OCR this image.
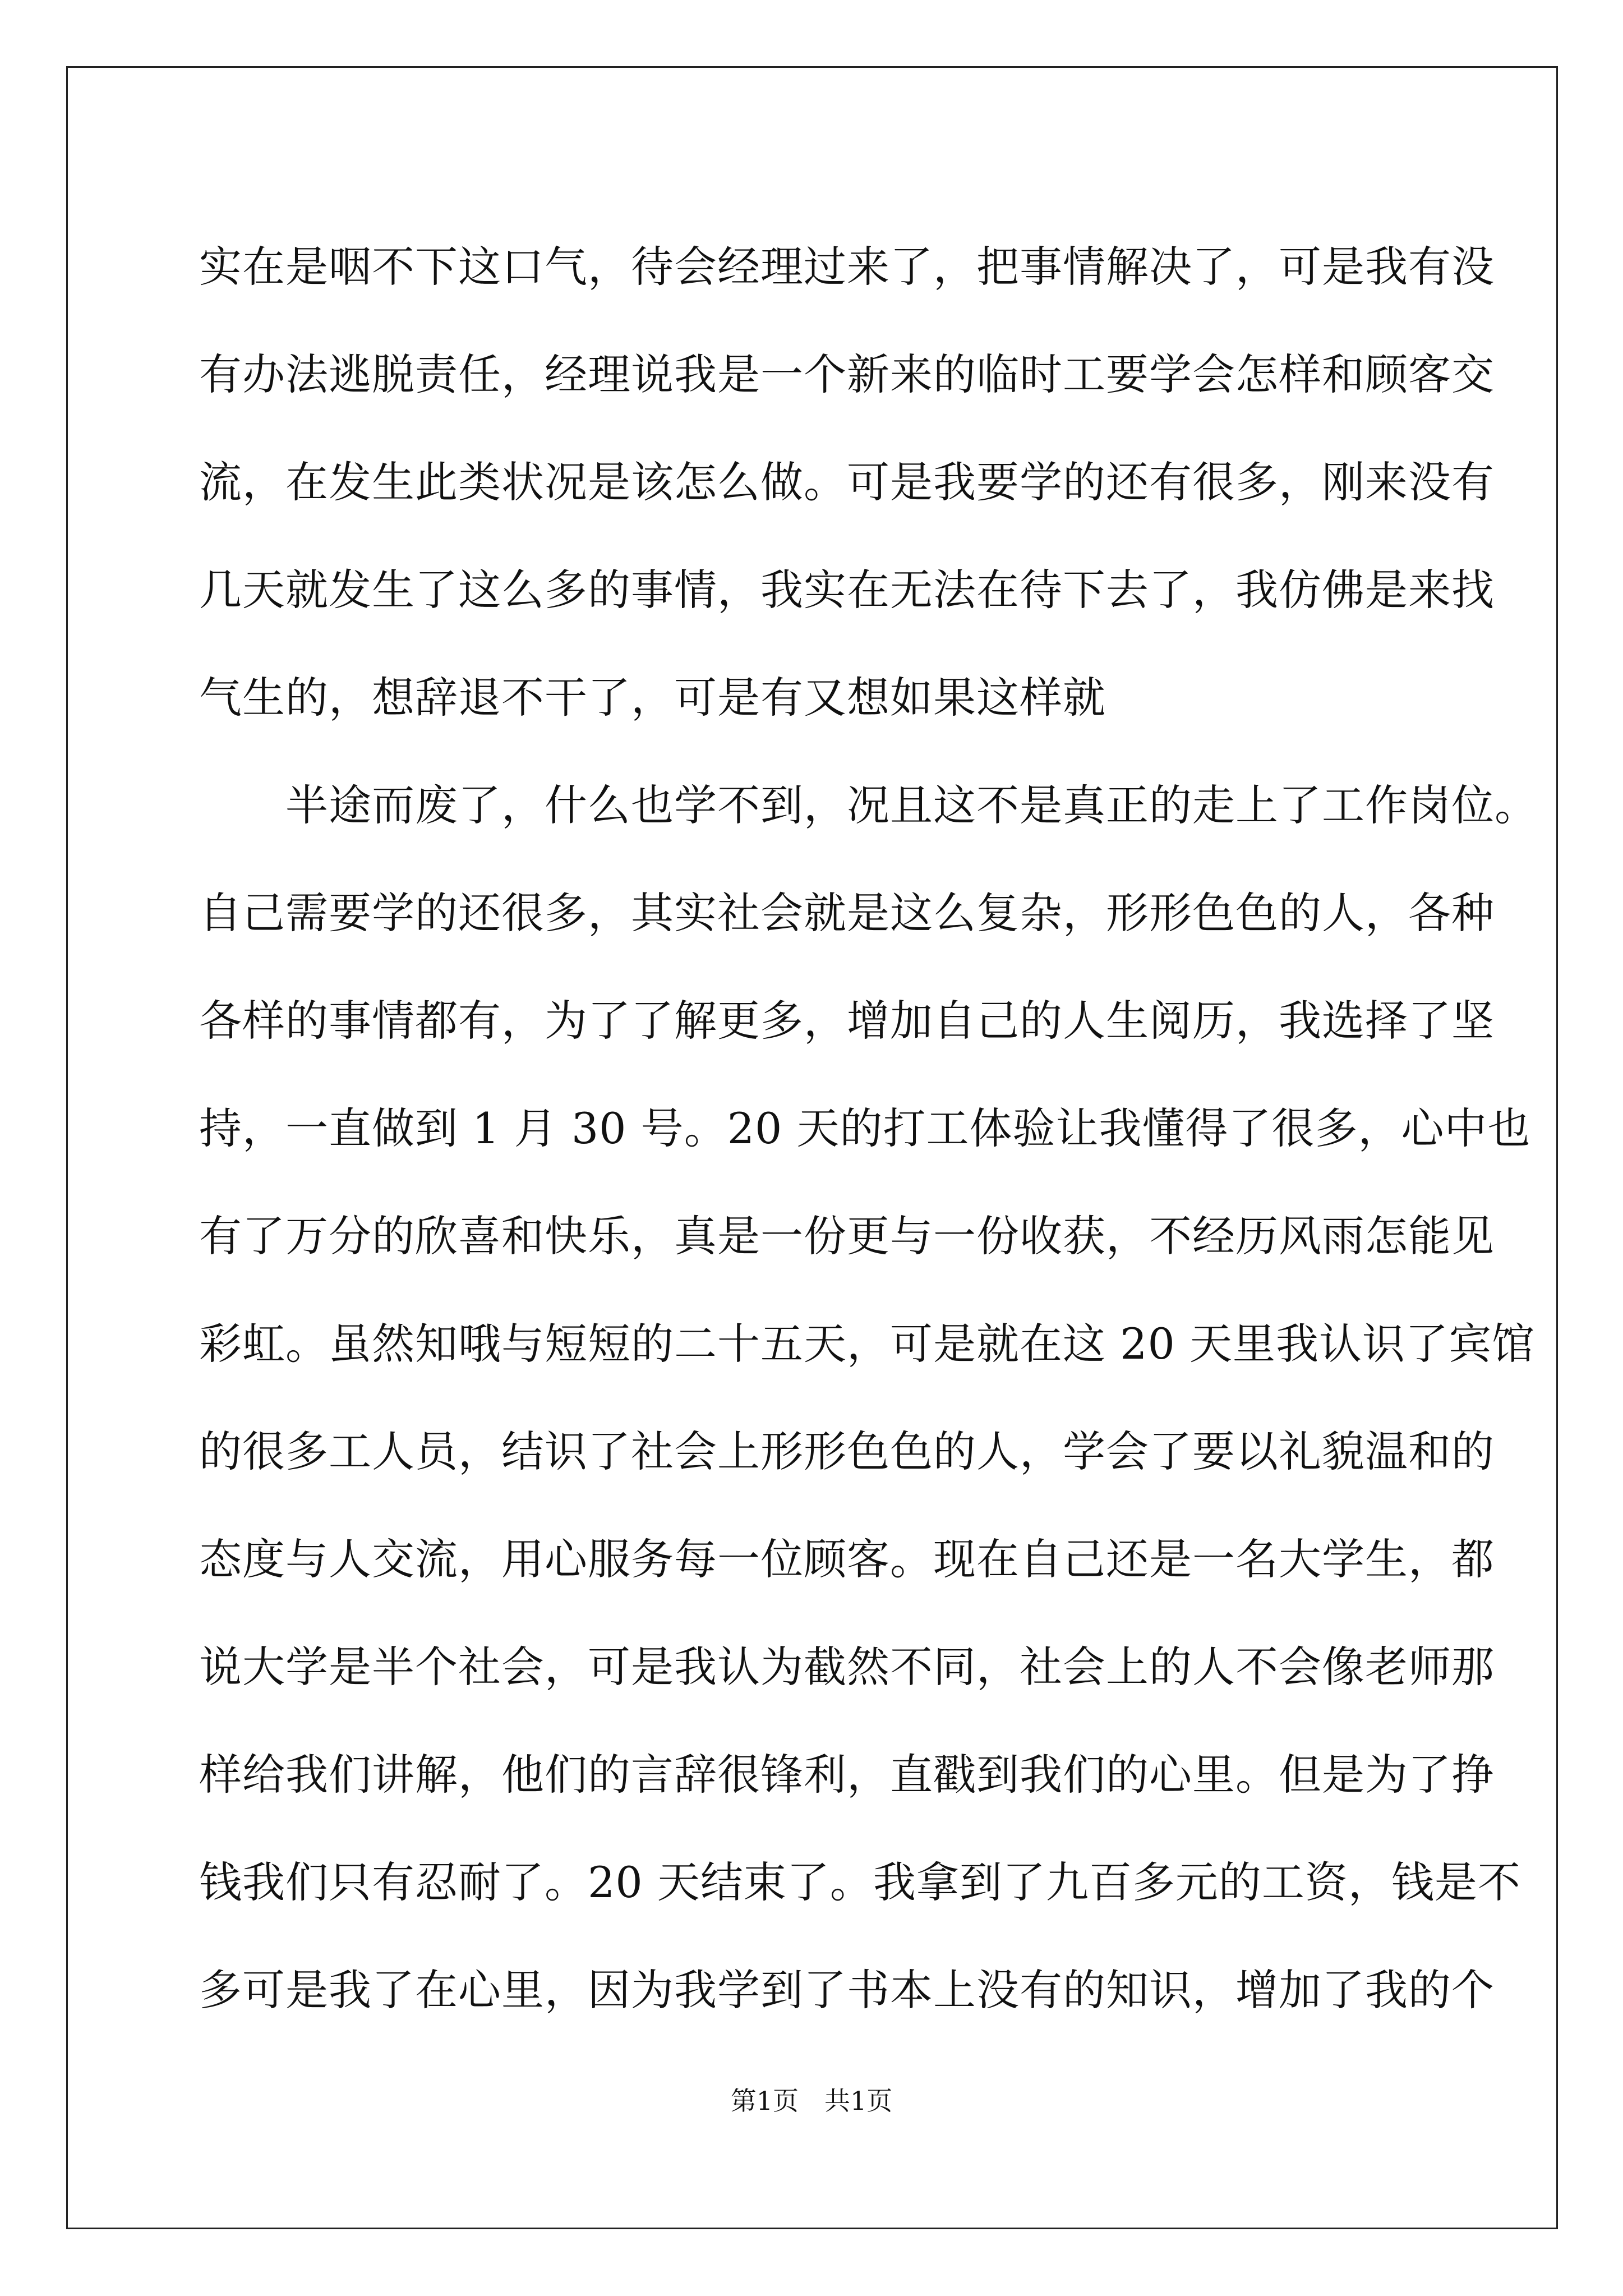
实在是咽不下这口气，待会经理过来了，把事情解决了，可是我有没
有办法逃脱责任，经理说我是一个新来的临时工要学会怎样和顾客交
流，在发生此类状况是该怎么做。可是我要学的还有很多，刚来没有
几天就发生了这么多的事情，我实在无法在待下去了，我仿佛是来找
气生的，想辞退不干了，可是有又想如果这样就
　　半途而废了，什么也学不到，况且这不是真正的走上了工作岗位。
自己需要学的还很多，其实社会就是这么复杂，形形色色的人，各种
各样的事情都有，为了了解更多，增加自己的人生阅历，我选择了坚
持，一直做到 1 月 30 号。20 天的打工体验让我懂得了很多，心中也
有了万分的欣喜和快乐，真是一份更与一份收获，不经历风雨怎能见
彩虹。虽然知哦与短短的二十五天，可是就在这 20 天里我认识了宾馆
的很多工人员，结识了社会上形形色色的人，学会了要以礼貌温和的
态度与人交流，用心服务每一位顾客。现在自己还是一名大学生，都
说大学是半个社会，可是我认为截然不同，社会上的人不会像老师那
样给我们讲解，他们的言辞很锋利，直戳到我们的心里。但是为了挣
钱我们只有忍耐了。20 天结束了。我拿到了九百多元的工资，钱是不
多可是我了在心里，因为我学到了书本上没有的知识，增加了我的个
第1页　共1页
